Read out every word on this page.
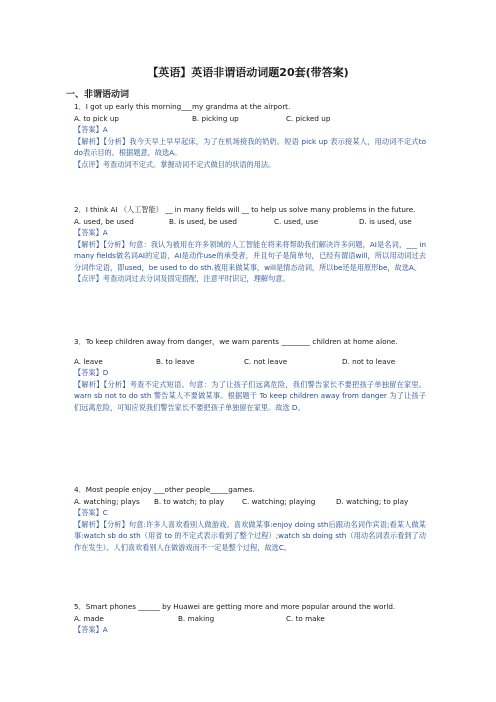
【英语】英语非谓语动词题20套(带答案)
一、非谓语动词
1．I got up early this morning___my grandma at the airport.
A. to pick up	B. picking up	C. picked up
【答案】A
【解析】【分析】我今天早上早早起床，为了在机场接我的奶奶。短语 pick up 表示接某人，用动词不定式to do表示目的。根据题意，故选A。
【点评】考查动词不定式。掌握动词不定式做目的状语的用法。
2．I think AI （人工智能） __ in many fields will __ to help us solve many problems in the future.
A. used, be used	B. is used, be used	C. used, use	D. is used, use
【答案】A
【解析】【分析】句意：我认为被用在许多领域的人工智能在将来将帮助我们解决许多问题，AI是名词，___ in many fields做名词AI的定语，AI是动作use的承受者，并且句子是简单句，已经有谓语will，所以用动词过去分词作定语，即used，be used to do sth.被用来做某事，will是情态动词，所以be还是用原形be，故选A。
【点评】考查动词过去分词及固定搭配，注意平时识记，理解句意。
3．To keep children away from danger，we warn parents ________ children at home alone.
A. leave	B. to leave	C. not leave	D. not to leave
【答案】D
【解析】【分析】考查不定式短语。句意：为了让孩子们远离危险，我们警告家长不要把孩子单独留在家里。warn sb not to do sth 警告某人不要做某事。根据题干 To keep children away from danger 为了让孩子们远离危险，可知应说我们警告家长不要把孩子单独留在家里。故选 D。
4．Most people enjoy ___other people_____games.
A. watching; plays B. to watch; to play C. watching; playing	D. watching; to play
【答案】C
【解析】【分析】句意:许多人喜欢看别人做游戏。喜欢做某事:enjoy doing sth后跟动名词作宾语;看某人做某事:watch sb do sth（用省 to 的不定式表示看到了整个过程）;watch sb doing sth（用动名词表示看到了动作在发生）。人们喜欢看别人在做游戏而不一定是整个过程，故选C。
5．Smart phones ______ by Huawei are getting more and more popular around the world.
A. made	B. making	C. to make
【答案】A
